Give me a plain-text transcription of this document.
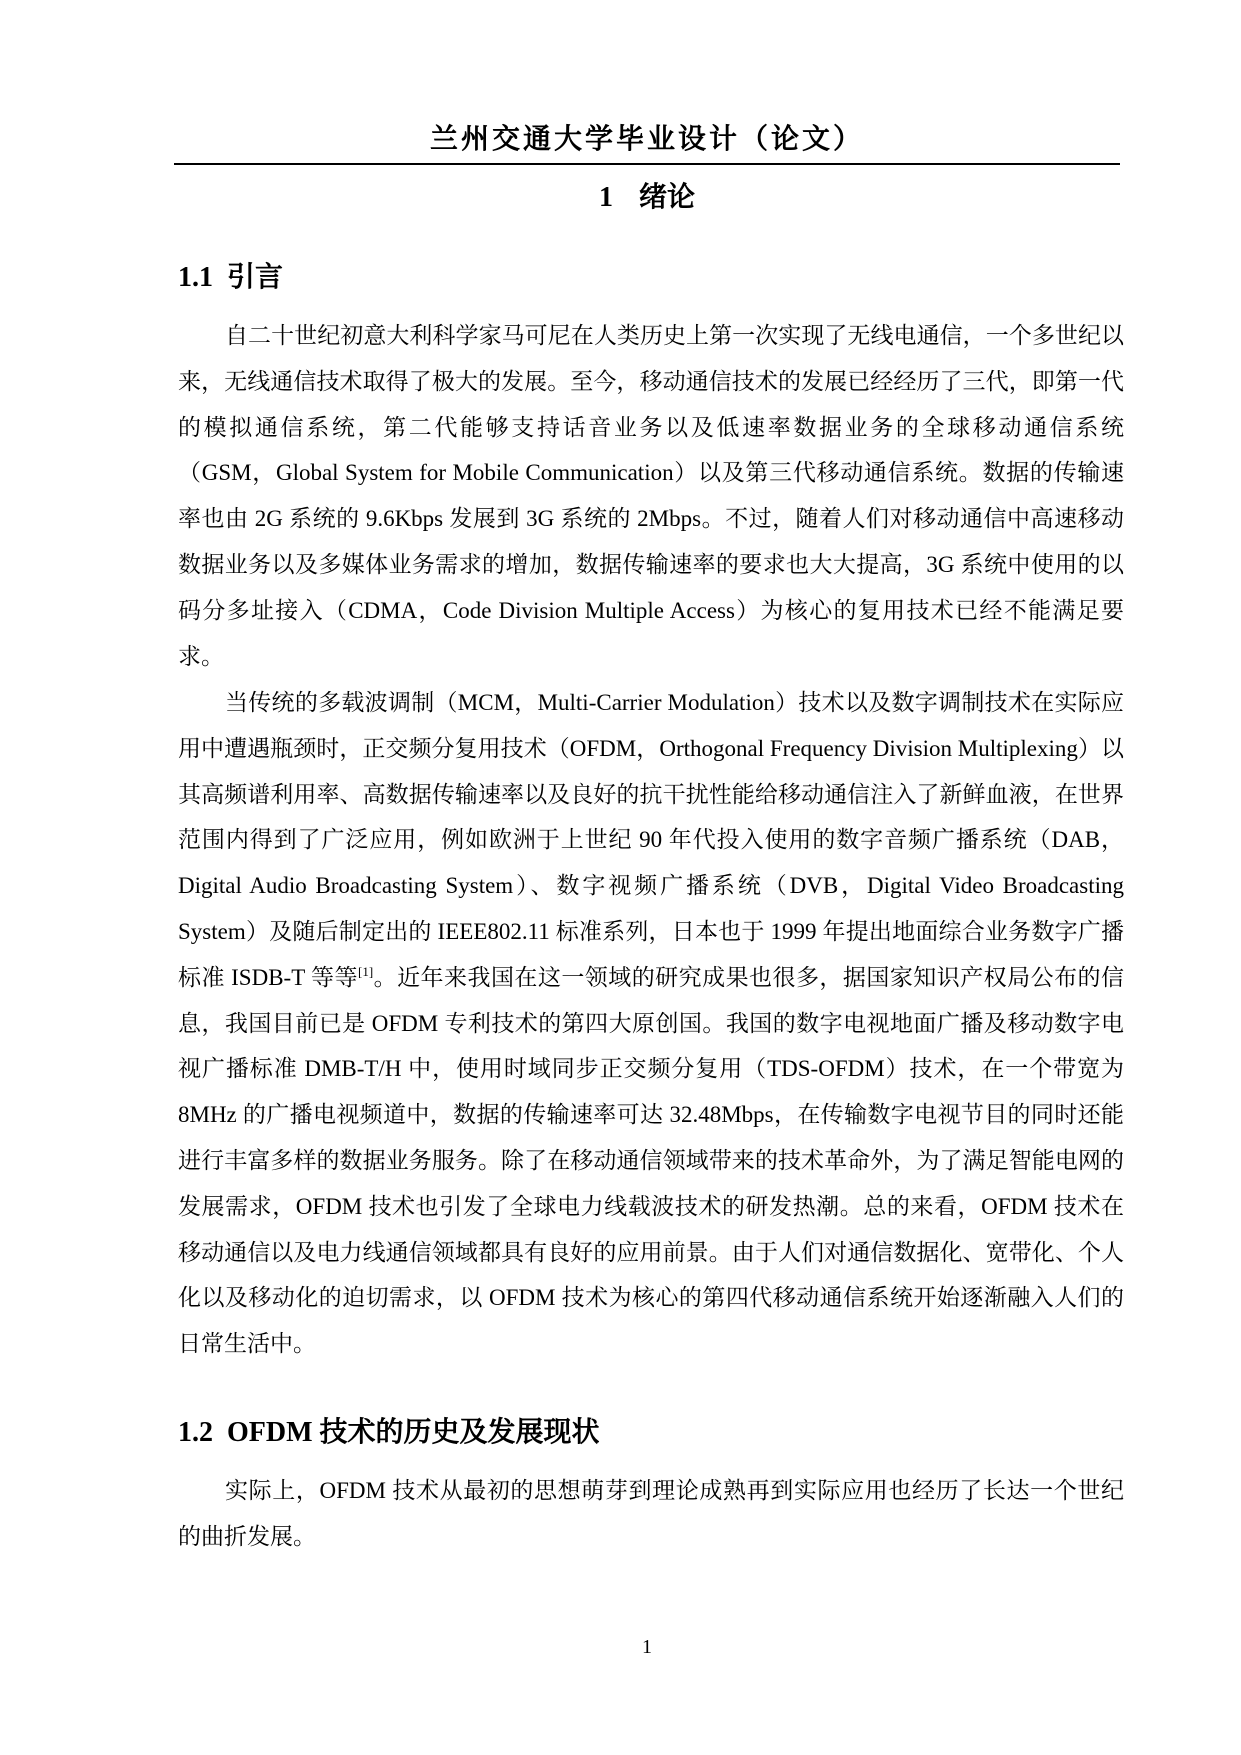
兰州交通大学毕业设计（论文）
1 绪论
1.1 引言

自二十世纪初意大利科学家马可尼在人类历史上第一次实现了无线电通信，一个多世纪以来，无线通信技术取得了极大的发展。至今，移动通信技术的发展已经经历了三代，即第一代的模拟通信系统，第二代能够支持话音业务以及低速率数据业务的全球移动通信系统（GSM，Global System for Mobile Communication）以及第三代移动通信系统。数据的传输速率也由 2G 系统的 9.6Kbps 发展到 3G 系统的 2Mbps。不过，随着人们对移动通信中高速移动数据业务以及多媒体业务需求的增加，数据传输速率的要求也大大提高，3G 系统中使用的以码分多址接入（CDMA，Code Division Multiple Access）为核心的复用技术已经不能满足要求。

当传统的多载波调制（MCM，Multi-Carrier Modulation）技术以及数字调制技术在实际应用中遭遇瓶颈时，正交频分复用技术（OFDM，Orthogonal Frequency Division Multiplexing）以其高频谱利用率、高数据传输速率以及良好的抗干扰性能给移动通信注入了新鲜血液，在世界范围内得到了广泛应用，例如欧洲于上世纪 90 年代投入使用的数字音频广播系统（DAB，Digital Audio Broadcasting System）、数字视频广播系统（DVB，Digital Video Broadcasting System）及随后制定出的 IEEE802.11 标准系列，日本也于 1999 年提出地面综合业务数字广播标准 ISDB-T 等等[1]。近年来我国在这一领域的研究成果也很多，据国家知识产权局公布的信息，我国目前已是 OFDM 专利技术的第四大原创国。我国的数字电视地面广播及移动数字电视广播标准 DMB-T/H 中，使用时域同步正交频分复用（TDS-OFDM）技术，在一个带宽为 8MHz 的广播电视频道中，数据的传输速率可达 32.48Mbps，在传输数字电视节目的同时还能进行丰富多样的数据业务服务。除了在移动通信领域带来的技术革命外，为了满足智能电网的发展需求，OFDM 技术也引发了全球电力线载波技术的研发热潮。总的来看，OFDM 技术在移动通信以及电力线通信领域都具有良好的应用前景。由于人们对通信数据化、宽带化、个人化以及移动化的迫切需求，以 OFDM 技术为核心的第四代移动通信系统开始逐渐融入人们的日常生活中。

1.2 OFDM 技术的历史及发展现状

实际上，OFDM 技术从最初的思想萌芽到理论成熟再到实际应用也经历了长达一个世纪的曲折发展。

1
